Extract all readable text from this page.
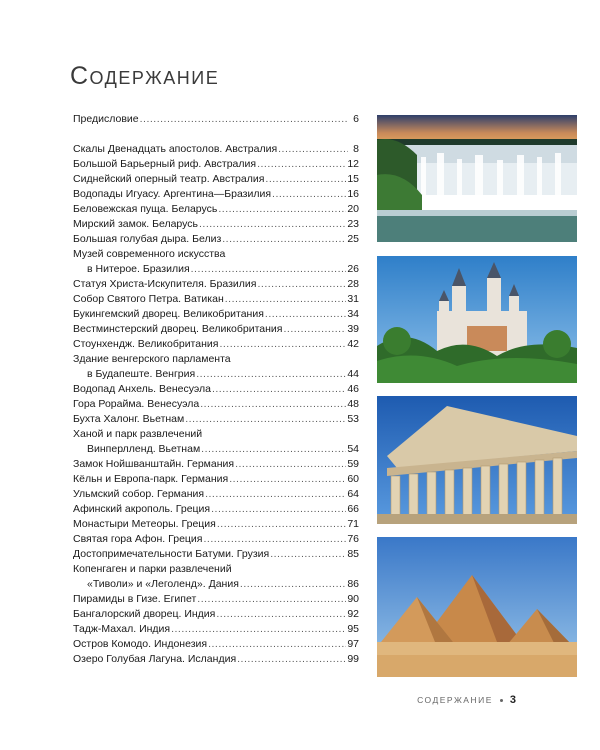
Содержание
Предисловие .....	6
Скалы Двенадцать апостолов. Австралия .....	8
Большой Барьерный риф. Австралия .....	12
Сиднейский оперный театр. Австралия .....	15
Водопады Игуасу. Аргентина—Бразилия .....	16
Беловежская пуща. Беларусь .....	20
Мирский замок. Беларусь .....	23
Большая голубая дыра. Белиз .....	25
Музей современного искусства
в Нитерое. Бразилия .....	26
Статуя Христа-Искупителя. Бразилия .....	28
Собор Святого Петра. Ватикан .....	31
Букингемский дворец. Великобритания .....	34
Вестминстерский дворец. Великобритания .....	39
Стоунхендж. Великобритания .....	42
Здание венгерского парламента
в Будапеште. Венгрия .....	44
Водопад Анхель. Венесуэла .....	46
Гора Рорайма. Венесуэла .....	48
Бухта Халонг. Вьетнам .....	53
Ханой и парк развлечений
Винперлленд. Вьетнам .....	54
Замок Нойшванштайн. Германия .....	59
Кёльн и Европа-парк. Германия .....	60
Ульмский собор. Германия .....	64
Афинский акрополь. Греция .....	66
Монастыри Метеоры. Греция .....	71
Святая гора Афон. Греция .....	76
Достопримечательности Батуми. Грузия .....	85
Копенгаген и парки развлечений
«Тиволи» и «Леголенд». Дания .....	86
Пирамиды в Гизе. Египет .....	90
Бангалорский дворец. Индия .....	92
Тадж-Махал. Индия .....	95
Остров Комодо. Индонезия .....	97
Озеро Голубая Лагуна. Исландия .....	99
СОДЕРЖАНИЕ 3
